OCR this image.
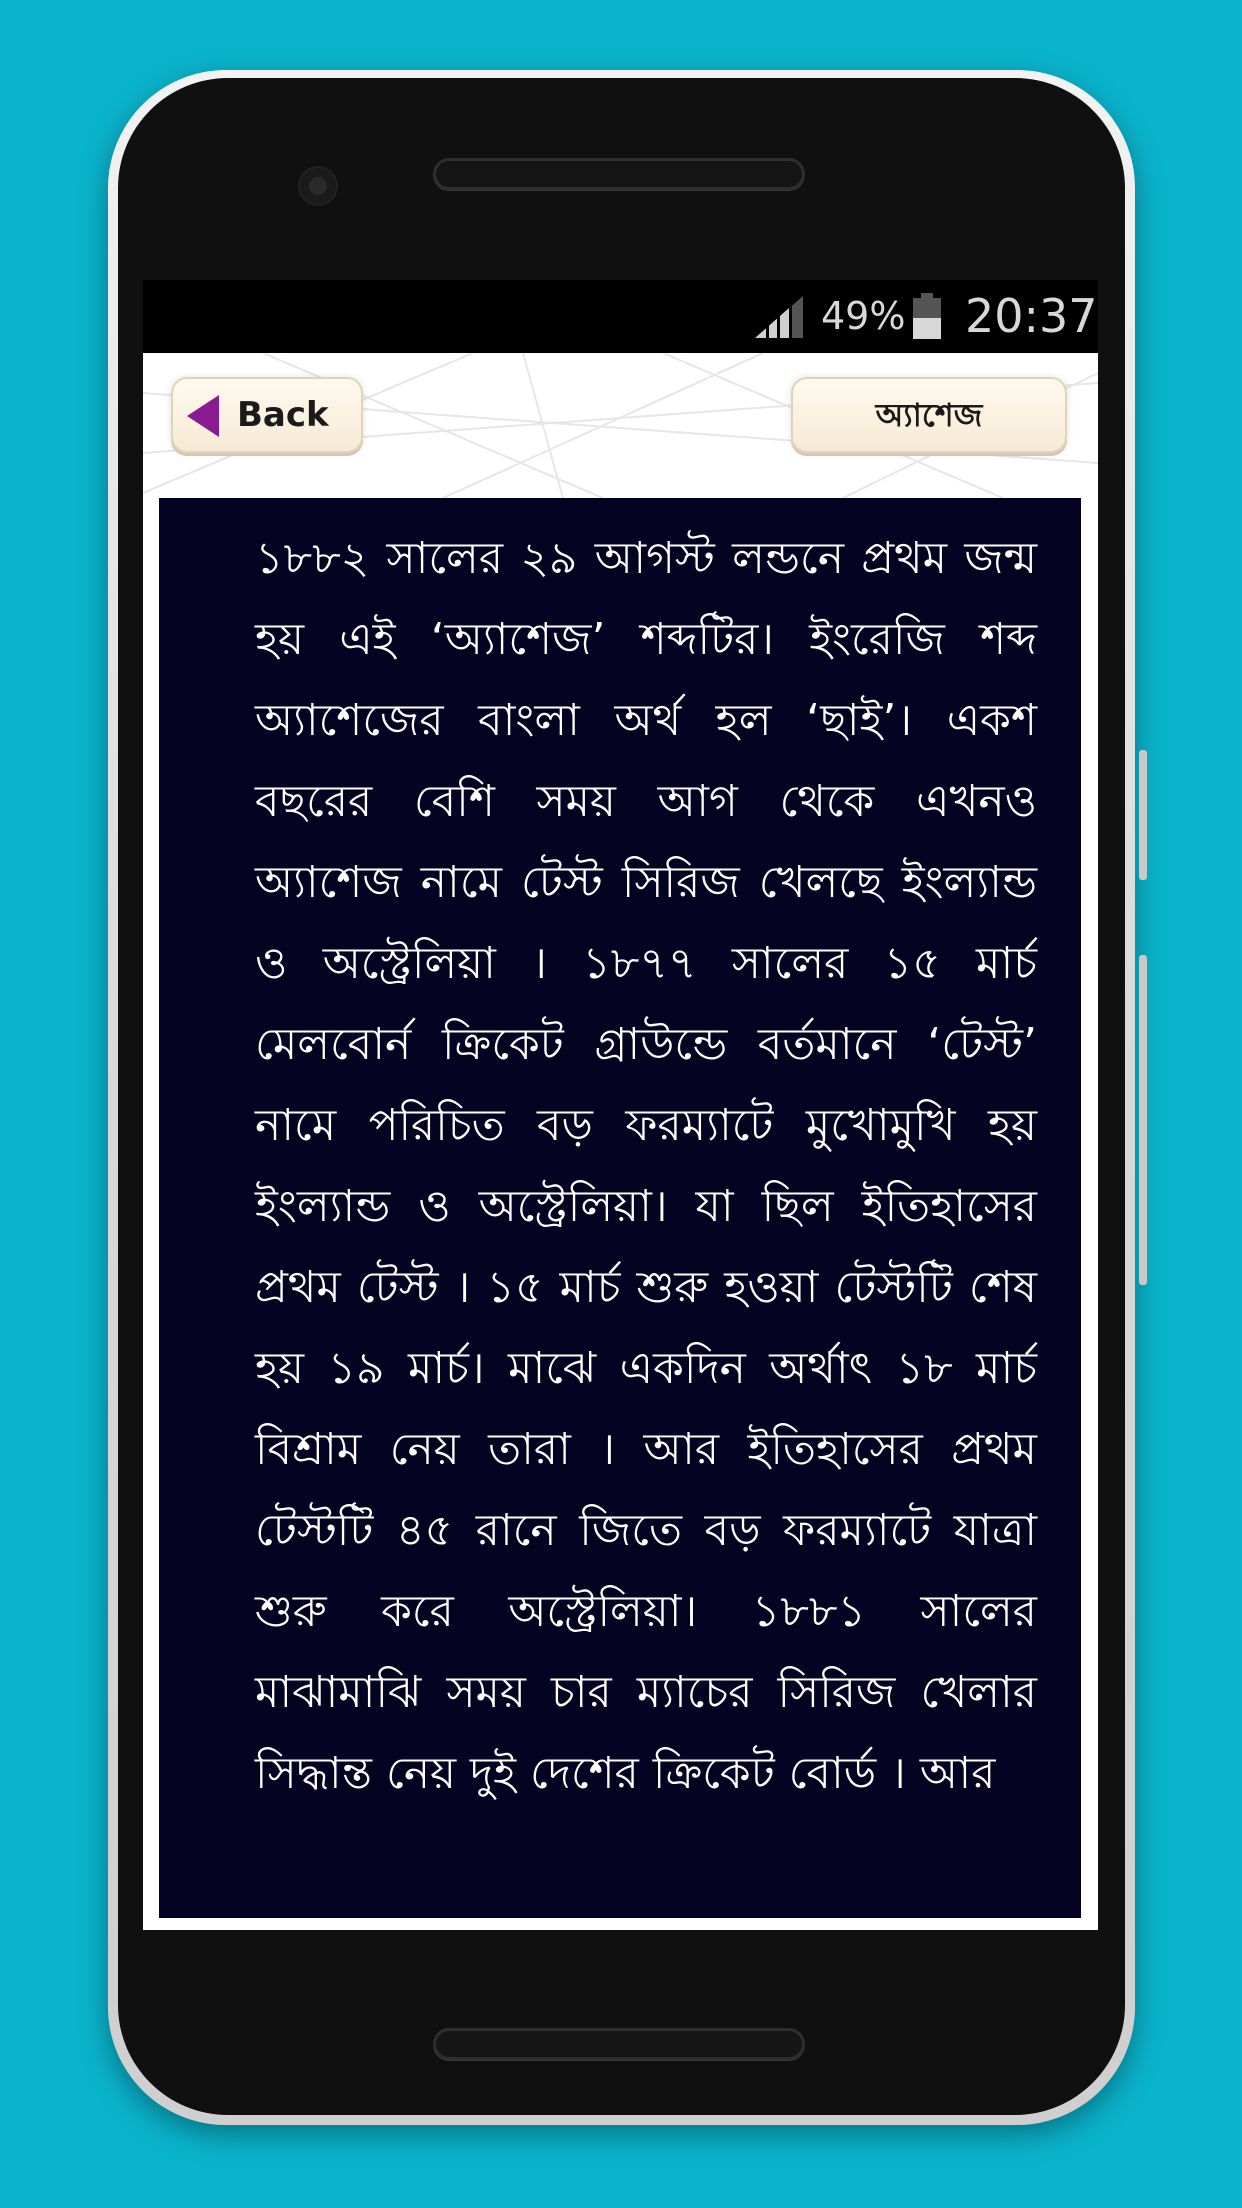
49% 20:37
Back	অ্যাশেজ

১৮৮২ সালের ২৯ আগস্ট লন্ডনে প্রথম জন্ম হয় এই ‘অ্যাশেজ’ শব্দটির। ইংরেজি শব্দ অ্যাশেজের বাংলা অর্থ হল ‘ছাই’। একশ বছরের বেশি সময় আগ থেকে এখনও অ্যাশেজ নামে টেস্ট সিরিজ খেলছে ইংল্যান্ড ও অস্ট্রেলিয়া । ১৮৭৭ সালের ১৫ মার্চ মেলবোর্ন ক্রিকেট গ্রাউন্ডে বর্তমানে ‘টেস্ট’ নামে পরিচিত বড় ফরম্যাটে মুখোমুখি হয় ইংল্যান্ড ও অস্ট্রেলিয়া। যা ছিল ইতিহাসের প্রথম টেস্ট । ১৫ মার্চ শুরু হওয়া টেস্টটি শেষ হয় ১৯ মার্চ। মাঝে একদিন অর্থাৎ ১৮ মার্চ বিশ্রাম নেয় তারা । আর ইতিহাসের প্রথম টেস্টটি ৪৫ রানে জিতে বড় ফরম্যাটে যাত্রা শুরু করে অস্ট্রেলিয়া। ১৮৮১ সালের মাঝামাঝি সময় চার ম্যাচের সিরিজ খেলার সিদ্ধান্ত নেয় দুই দেশের ক্রিকেট বোর্ড । আর
